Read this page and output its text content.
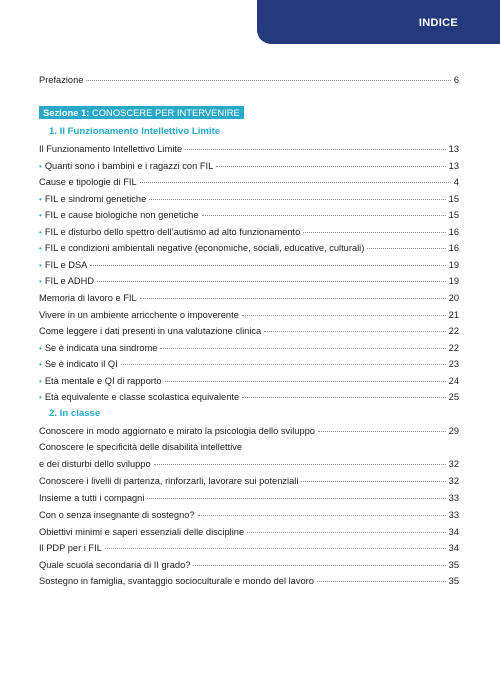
INDICE
Prefazione	6
Sezione 1: CONOSCERE PER INTERVENIRE
1. Il Funzionamento Intellettivo Limite
Il Funzionamento Intellettivo Limite	13
• Quanti sono i bambini e i ragazzi con FIL	13
Cause e tipologie di FIL	4
• FIL e sindromi genetiche	15
• FIL e cause biologiche non genetiche	15
• FIL e disturbo dello spettro dell’autismo ad alto funzionamento	16
• FIL e condizioni ambientali negative (economiche, sociali, educative, culturali)	16
• FIL e DSA	19
• FIL e ADHD	19
Memoria di lavoro e FIL	20
Vivere in un ambiente arricchente o impoverente	21
Come leggere i dati presenti in una valutazione clinica	22
• Se è indicata una sindrome	22
• Se è indicato il QI	23
• Età mentale e QI di rapporto	24
• Età equivalente e classe scolastica equivalente	25
2. In classe
Conoscere in modo aggiornato e mirato la psicologia dello sviluppo	29
Conoscere le specificità delle disabilità intellettive
e dei disturbi dello sviluppo	32
Conoscere i livelli di partenza, rinforzarli, lavorare sui potenziali	32
Insieme a tutti i compagni	33
Con o senza insegnante di sostegno?	33
Obiettivi minimi e saperi essenziali delle discipline	34
Il PDP per i FIL	34
Quale scuola secondaria di II grado?	35
Sostegno in famiglia, svantaggio socioculturale e mondo del lavoro	35
